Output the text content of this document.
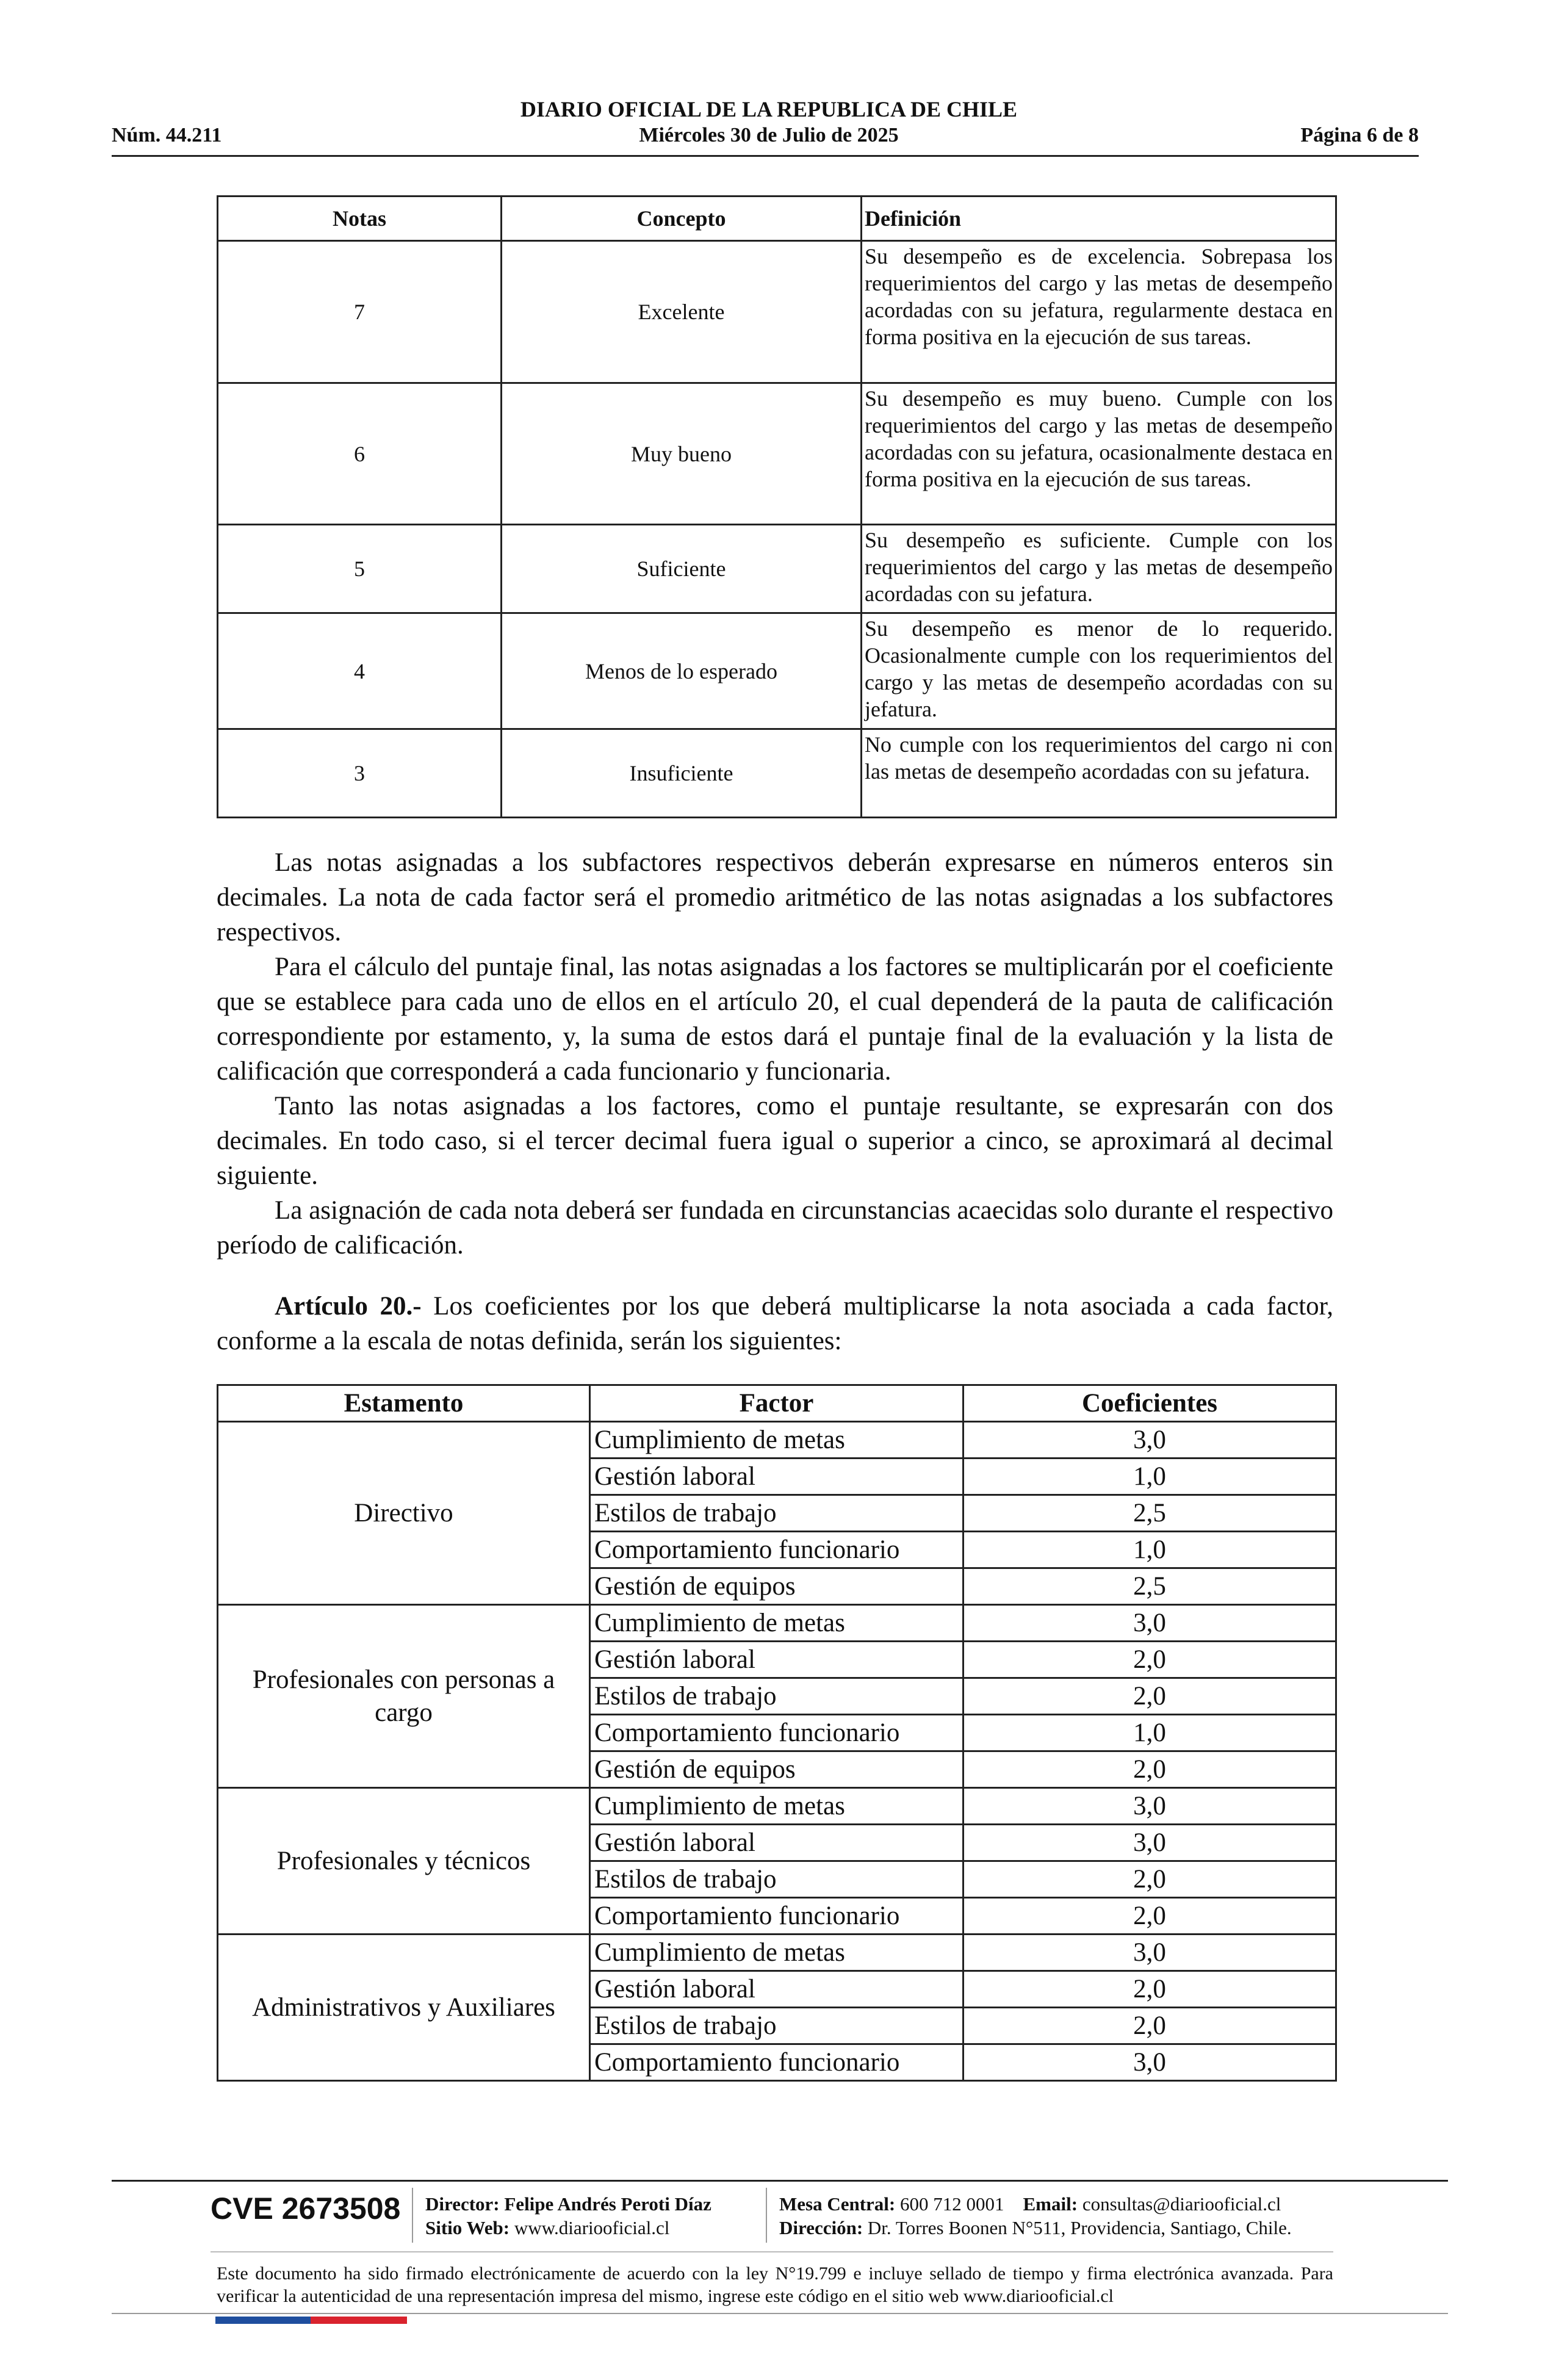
DIARIO OFICIAL DE LA REPUBLICA DE CHILE
Núm. 44.211	Miércoles 30 de Julio de 2025	Página 6 de 8
Notas	Concepto	Definición
7	Excelente	Su desempeño es de excelencia. Sobrepasa los requerimientos del cargo y las metas de desempeño acordadas con su jefatura, regularmente destaca en forma positiva en la ejecución de sus tareas.
6	Muy bueno	Su desempeño es muy bueno. Cumple con los requerimientos del cargo y las metas de desempeño acordadas con su jefatura, ocasionalmente destaca en forma positiva en la ejecución de sus tareas.
5	Suficiente	Su desempeño es suficiente. Cumple con los requerimientos del cargo y las metas de desempeño acordadas con su jefatura.
4	Menos de lo esperado	Su desempeño es menor de lo requerido. Ocasionalmente cumple con los requerimientos del cargo y las metas de desempeño acordadas con su jefatura.
3	Insuficiente	No cumple con los requerimientos del cargo ni con las metas de desempeño acordadas con su jefatura.

Las notas asignadas a los subfactores respectivos deberán expresarse en números enteros sin decimales. La nota de cada factor será el promedio aritmético de las notas asignadas a los subfactores respectivos.

Para el cálculo del puntaje final, las notas asignadas a los factores se multiplicarán por el coeficiente que se establece para cada uno de ellos en el artículo 20, el cual dependerá de la pauta de calificación correspondiente por estamento, y, la suma de estos dará el puntaje final de la evaluación y la lista de calificación que corresponderá a cada funcionario y funcionaria.

Tanto las notas asignadas a los factores, como el puntaje resultante, se expresarán con dos decimales. En todo caso, si el tercer decimal fuera igual o superior a cinco, se aproximará al decimal siguiente.

La asignación de cada nota deberá ser fundada en circunstancias acaecidas solo durante el respectivo período de calificación.

Artículo 20.- Los coeficientes por los que deberá multiplicarse la nota asociada a cada factor, conforme a la escala de notas definida, serán los siguientes:

Estamento	Factor	Coeficientes
Directivo	Cumplimiento de metas	3,0
	Gestión laboral	1,0
	Estilos de trabajo	2,5
	Comportamiento funcionario	1,0
	Gestión de equipos	2,5
Profesionales con personas a cargo	Cumplimiento de metas	3,0
	Gestión laboral	2,0
	Estilos de trabajo	2,0
	Comportamiento funcionario	1,0
	Gestión de equipos	2,0
Profesionales y técnicos	Cumplimiento de metas	3,0
	Gestión laboral	3,0
	Estilos de trabajo	2,0
	Comportamiento funcionario	2,0
Administrativos y Auxiliares	Cumplimiento de metas	3,0
	Gestión laboral	2,0
	Estilos de trabajo	2,0
	Comportamiento funcionario	3,0
CVE 2673508 Director: Felipe Andrés Peroti Díaz
Sitio Web: www.diariooficial.cl
Mesa Central: 600 712 0001 Email: consultas@diariooficial.cl
Dirección: Dr. Torres Boonen N°511, Providencia, Santiago, Chile.
Este documento ha sido firmado electrónicamente de acuerdo con la ley N°19.799 e incluye sellado de tiempo y firma electrónica avanzada. Para verificar la autenticidad de una representación impresa del mismo, ingrese este código en el sitio web www.diariooficial.cl
